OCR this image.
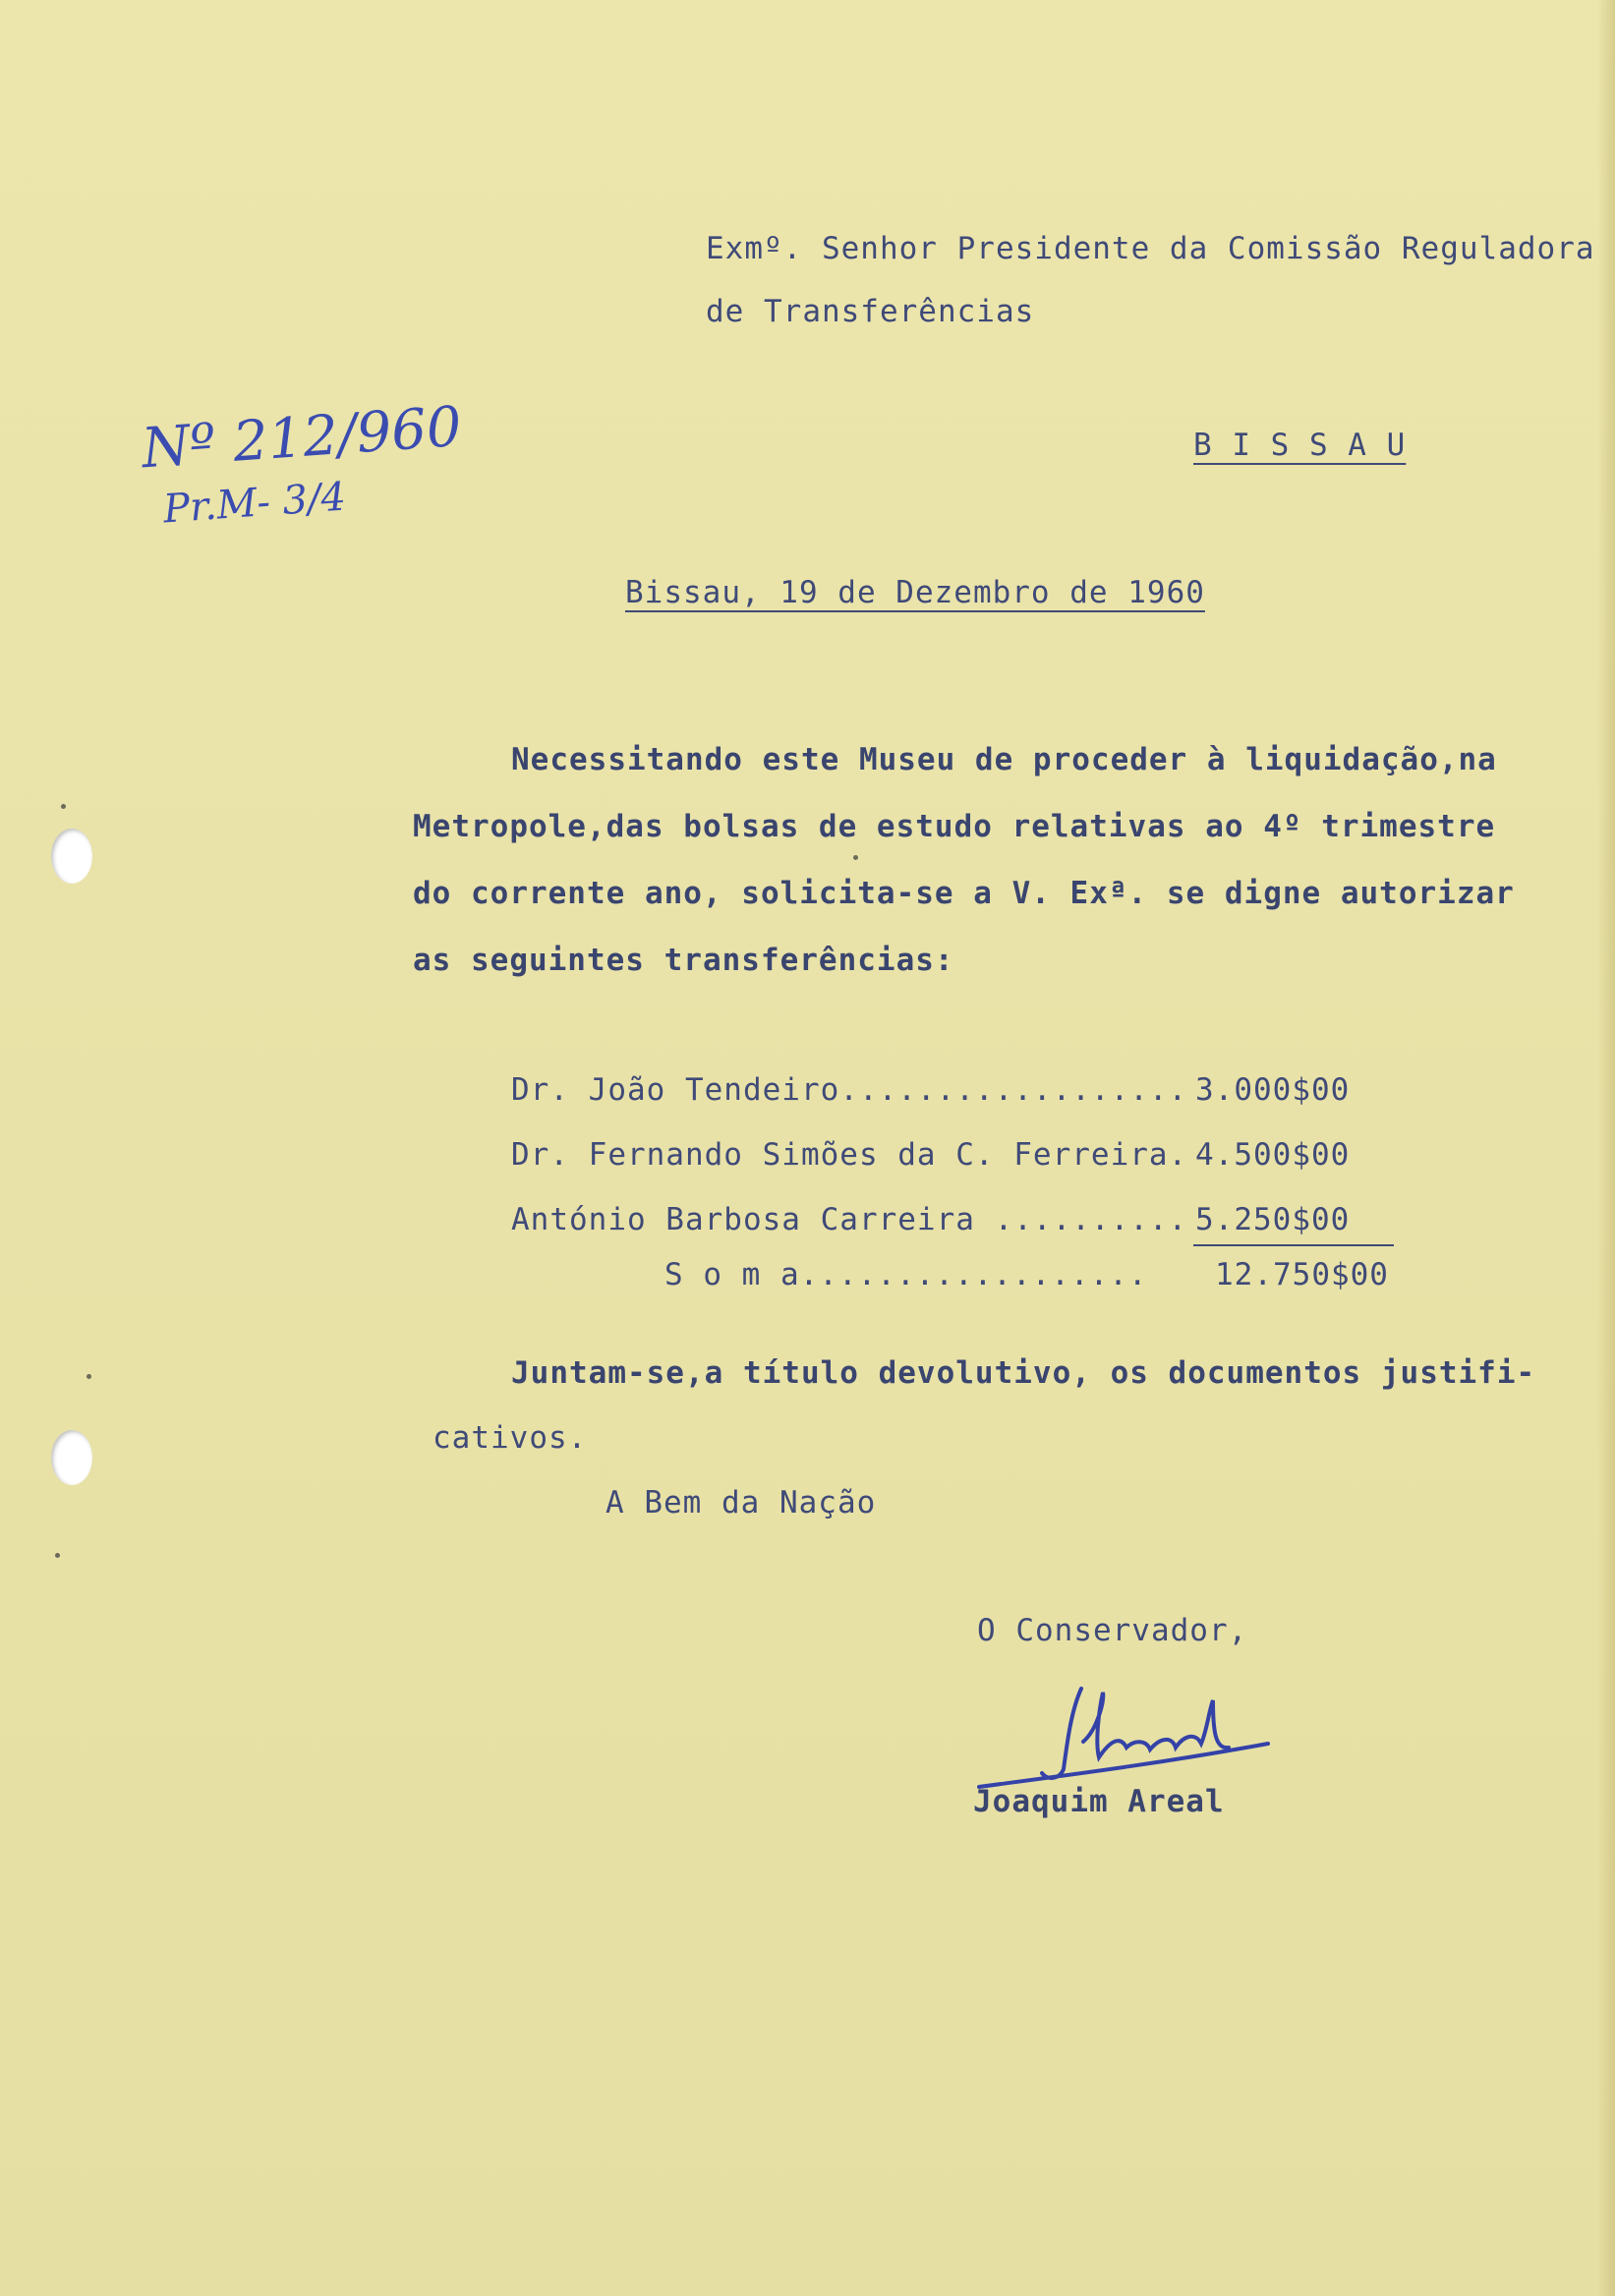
Exmº. Senhor Presidente da Comissão Reguladora
de Transferências
B I S S A U
Nº 212/960
Pr.M- 3/4
Bissau, 19 de Dezembro de 1960
Necessitando este Museu de proceder à liquidação,na
Metropole,das bolsas de estudo relativas ao 4º trimestre
do corrente ano, solicita-se a V. Exª. se digne autorizar
as seguintes transferências:
Dr. João Tendeiro.................. 3.000$00
Dr. Fernando Simões da C. Ferreira. 4.500$00
António Barbosa Carreira .......... 5.250$00
S o m a.................. 12.750$00
Juntam-se,a título devolutivo, os documentos justifi-
cativos.
A Bem da Nação
O Conservador,
Joaquim Areal
